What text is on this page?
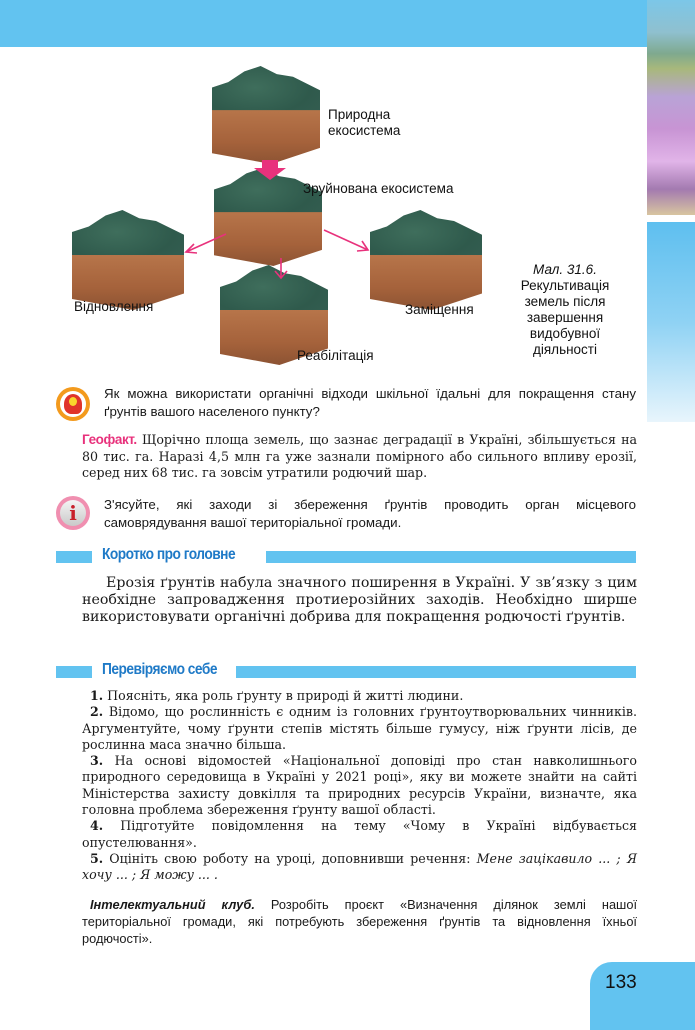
Природна
екосистема
Зруйнована екосистема
Відновлення
Реабілітація
Заміщення
Мал. 31.6.
Рекультивація
земель після
завершення
видобувної
діяльності
Як можна використати органічні відходи шкільної їдальні для покращення стану ґрунтів вашого населеного пункту?
Геофакт. Щорічно площа земель, що зазнає деградації в Україні, збільшується на 80 тис. га. Наразі 4,5 млн га уже зазнали помірного або сильного впливу ерозії, серед них 68 тис. га зовсім утратили родючий шар.
i	З'ясуйте, які заходи зі збереження ґрунтів проводить орган місцевого самоврядування вашої територіальної громади.
Коротко про головне
Ерозія ґрунтів набула значного поширення в Україні. У зв’язку з цим необхідне запровадження протиерозійних заходів. Необхідно ширше використовувати органічні добрива для покращення родючості ґрунтів.
Перевіряємо себе

1. Поясніть, яка роль ґрунту в природі й житті людини.

2. Відомо, що рослинність є одним із головних ґрунтоутворювальних чинників. Аргументуйте, чому ґрунти степів містять більше гумусу, ніж ґрунти лісів, де рослинна маса значно більша.

3. На основі відомостей «Національної доповіді про стан навколишнього природного середовища в Україні у 2021 році», яку ви можете знайти на сайті Міністерства захисту довкілля та природних ресурсів України, визначте, яка головна проблема збереження ґрунту вашої області.

4. Підготуйте повідомлення на тему «Чому в Україні відбувається опустелювання».

5. Оцініть свою роботу на уроці, доповнивши речення: Мене зацікавило ... ; Я хочу ... ; Я можу ... .

Інтелектуальний клуб. Розробіть проєкт «Визначення ділянок землі нашої територіальної громади, які потребують збереження ґрунтів та відновлення їхньої родючості».
133
